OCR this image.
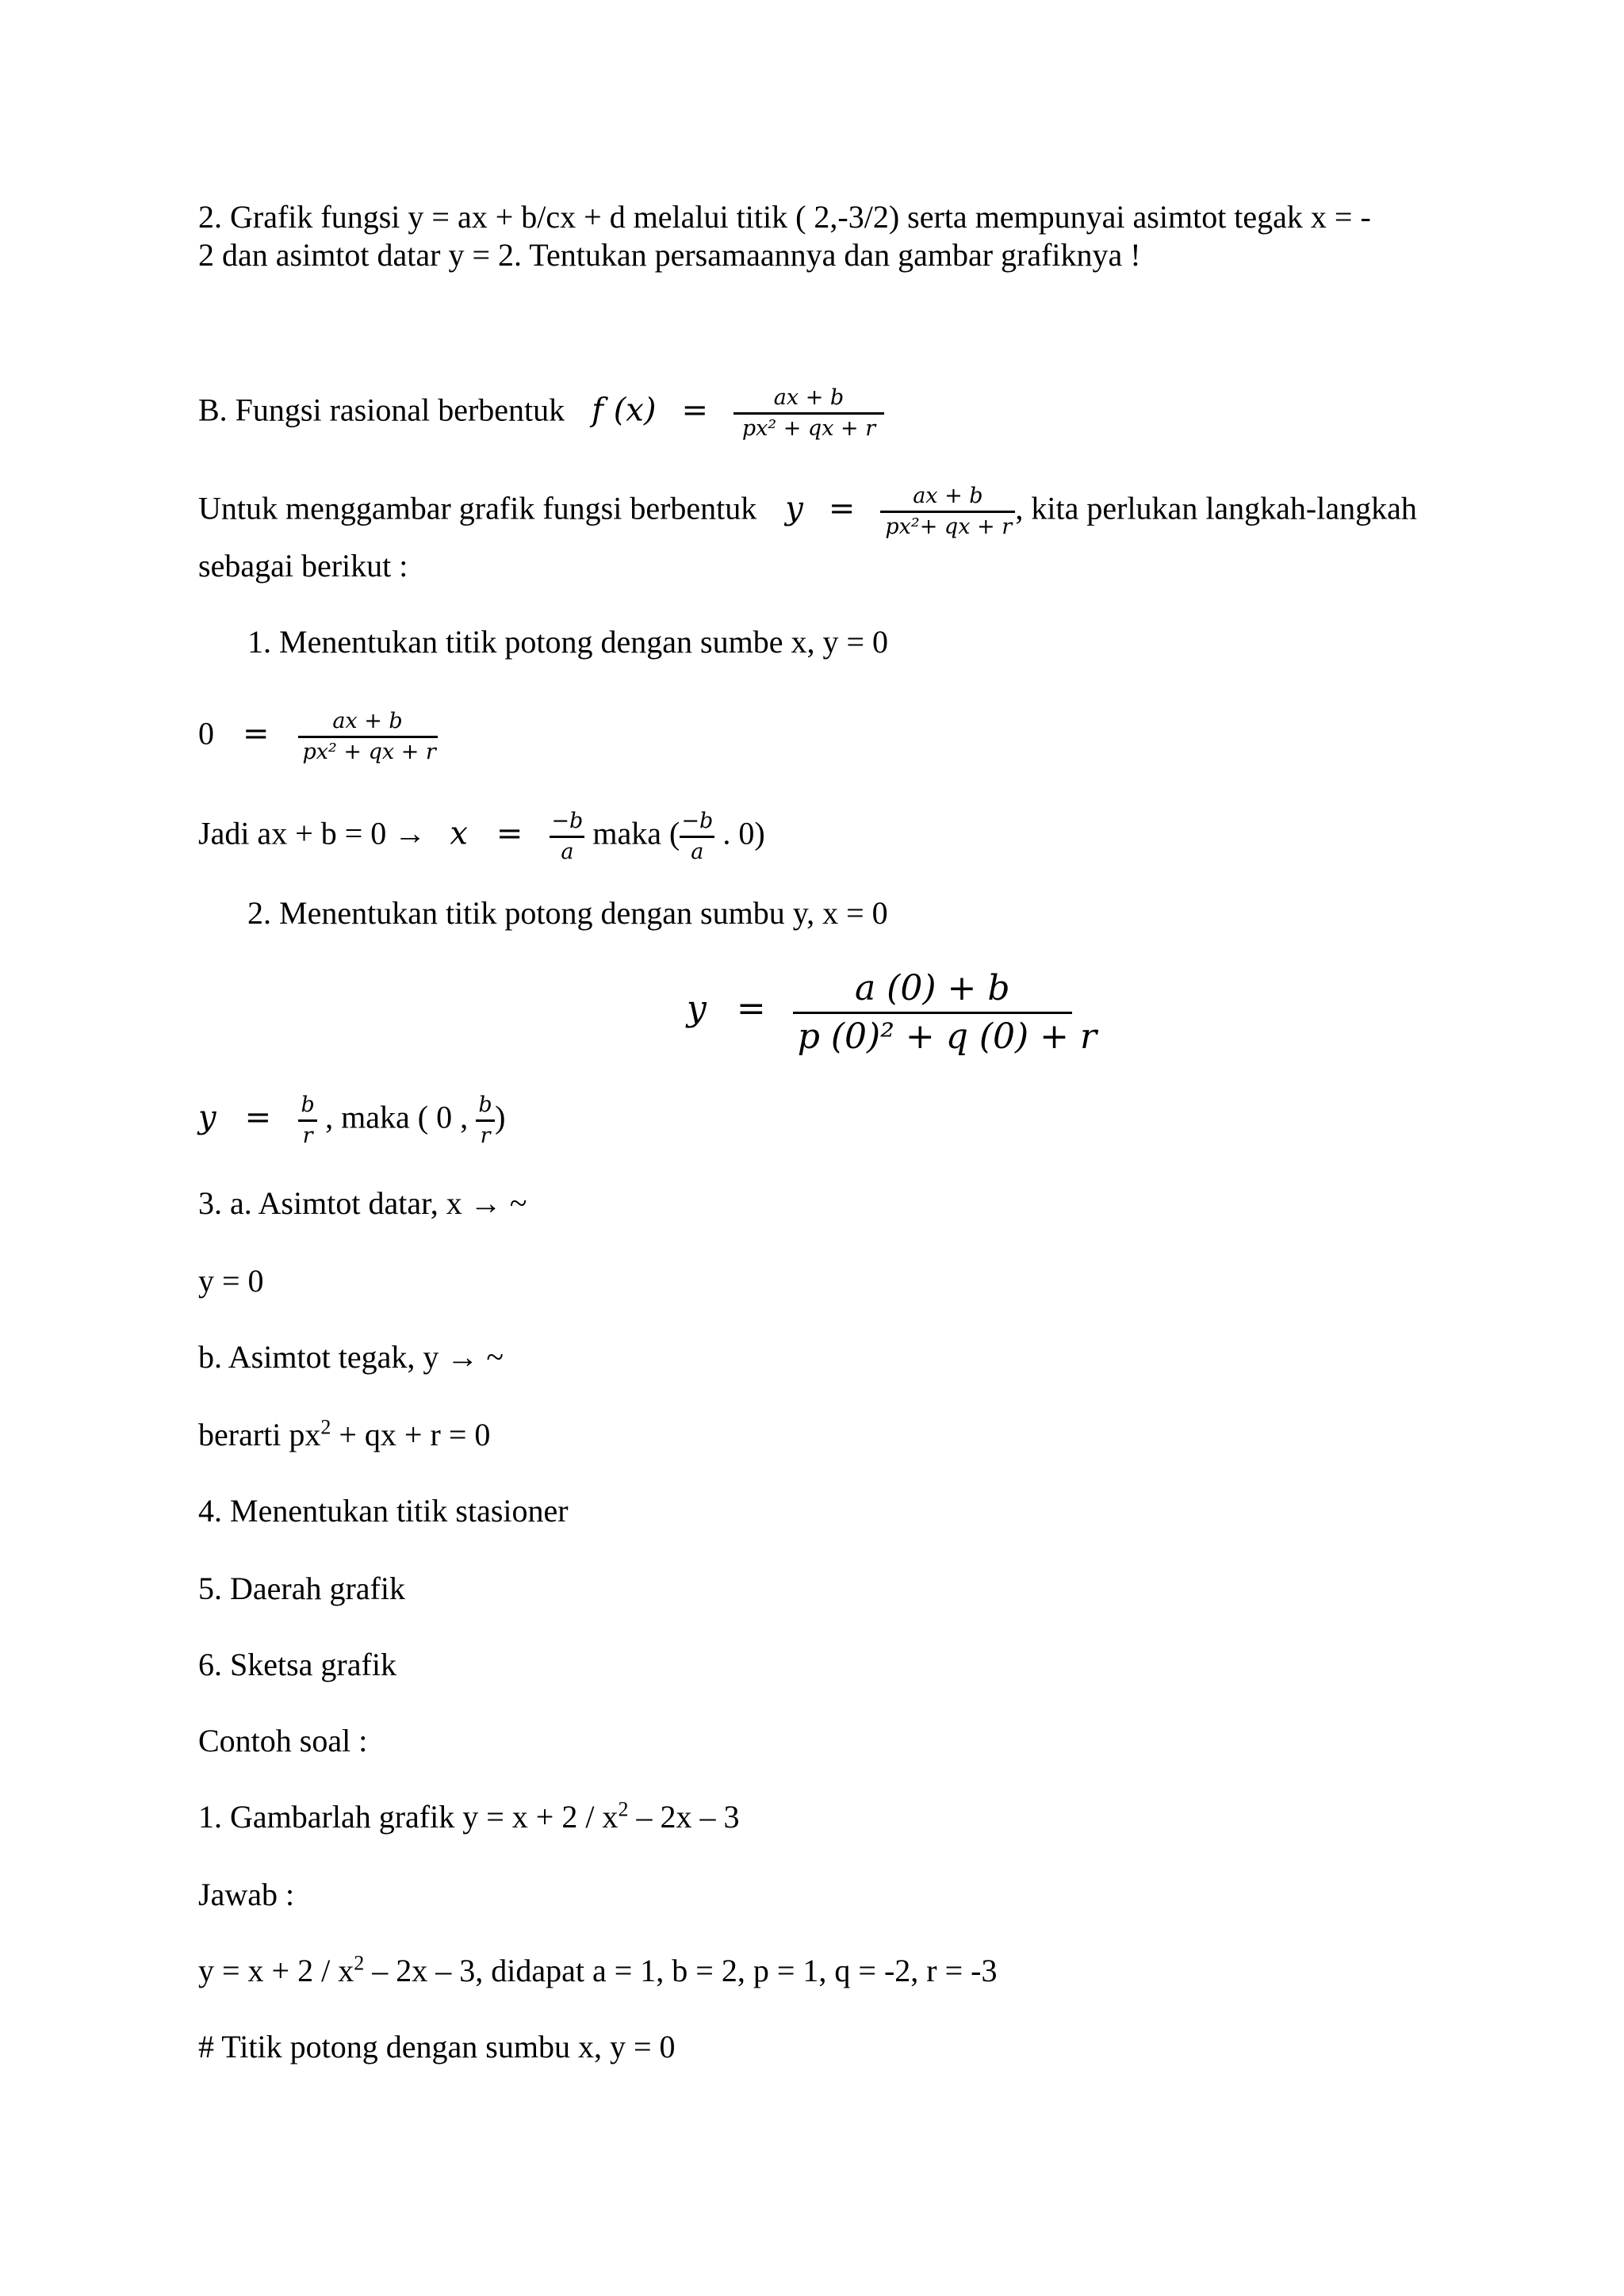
2. Grafik fungsi y = ax + b/cx + d melalui titik ( 2,-3/2) serta mempunyai asimtot tegak x = -
2 dan asimtot datar y = 2. Tentukan persamaannya dan gambar grafiknya !
B. Fungsi rasional berbentuk f $(x) = \frac{ax + b}{\text{px² + qx + r}}$
Untuk menggambar grafik fungsi berbentuk $y = \frac{ax + b}{\text{px²+ qx + r}}$ , kita perlukan langkah-langkah
sebagai berikut :
1. Menentukan titik potong dengan sumbe x, y = 0
$0 = \frac{ax + b}{\text{px² + qx + r}}$
Jadi ax + $b = 0 \to x = \frac{-b}{a}$ maka ( $\frac{-b}{a}$ . 0)
2. Menentukan titik potong dengan sumbu y, x = 0
$y = \frac{a (0) + b}{\text{p (0)² + q (0) + r}}$
$y = \frac{b}{r}$ , maka ( 0 , $\frac{b}{r}$ )
3. a. Asimtot datar, x → ~
y = 0
b. Asimtot tegak, y → ~
berarti $px^2$ + qx + r = 0
4. Menentukan titik stasioner
5. Daerah grafik
6. Sketsa grafik
Contoh soal :
1. Gambarlah grafik $y = x + 2 / x^2 - 2x - 3$
Jawab :
$y = x + 2 / x^2 - 2x - 3$, didapat a = 1, b = 2, p = 1, q = -2, r = -3
# Titik potong dengan sumbu x, y = 0
